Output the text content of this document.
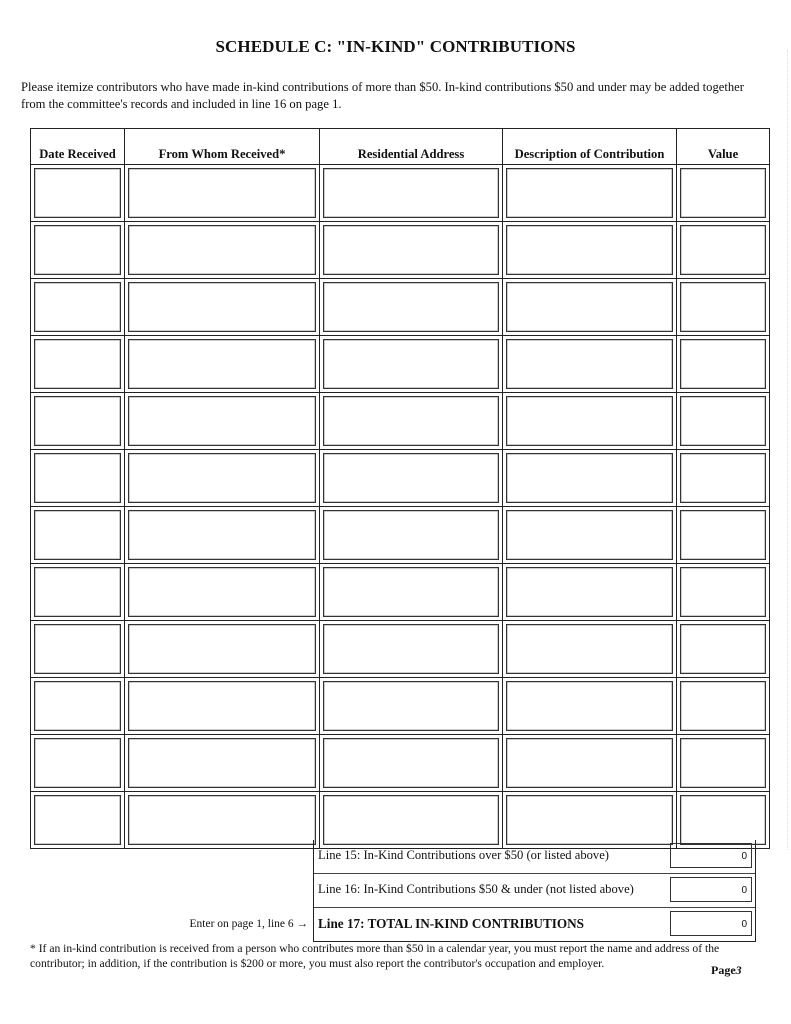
SCHEDULE C: "IN-KIND" CONTRIBUTIONS
Please itemize contributors who have made in-kind contributions of more than $50. In-kind contributions $50 and under may be added together from the committee's records and included in line 16 on page 1.
Date Received	From Whom Received*	Residential Address	Description of Contribution	Value

Line 15: In-Kind Contributions over $50 (or listed above)	0
Line 16: In-Kind Contributions $50 & under (not listed above)	0
Line 17: TOTAL IN-KIND CONTRIBUTIONS	0
Enter on page 1, line 6 →
* If an in-kind contribution is received from a person who contributes more than $50 in a calendar year, you must report the name and address of the contributor; in addition, if the contribution is $200 or more, you must also report the contributor's occupation and employer.	Page3
